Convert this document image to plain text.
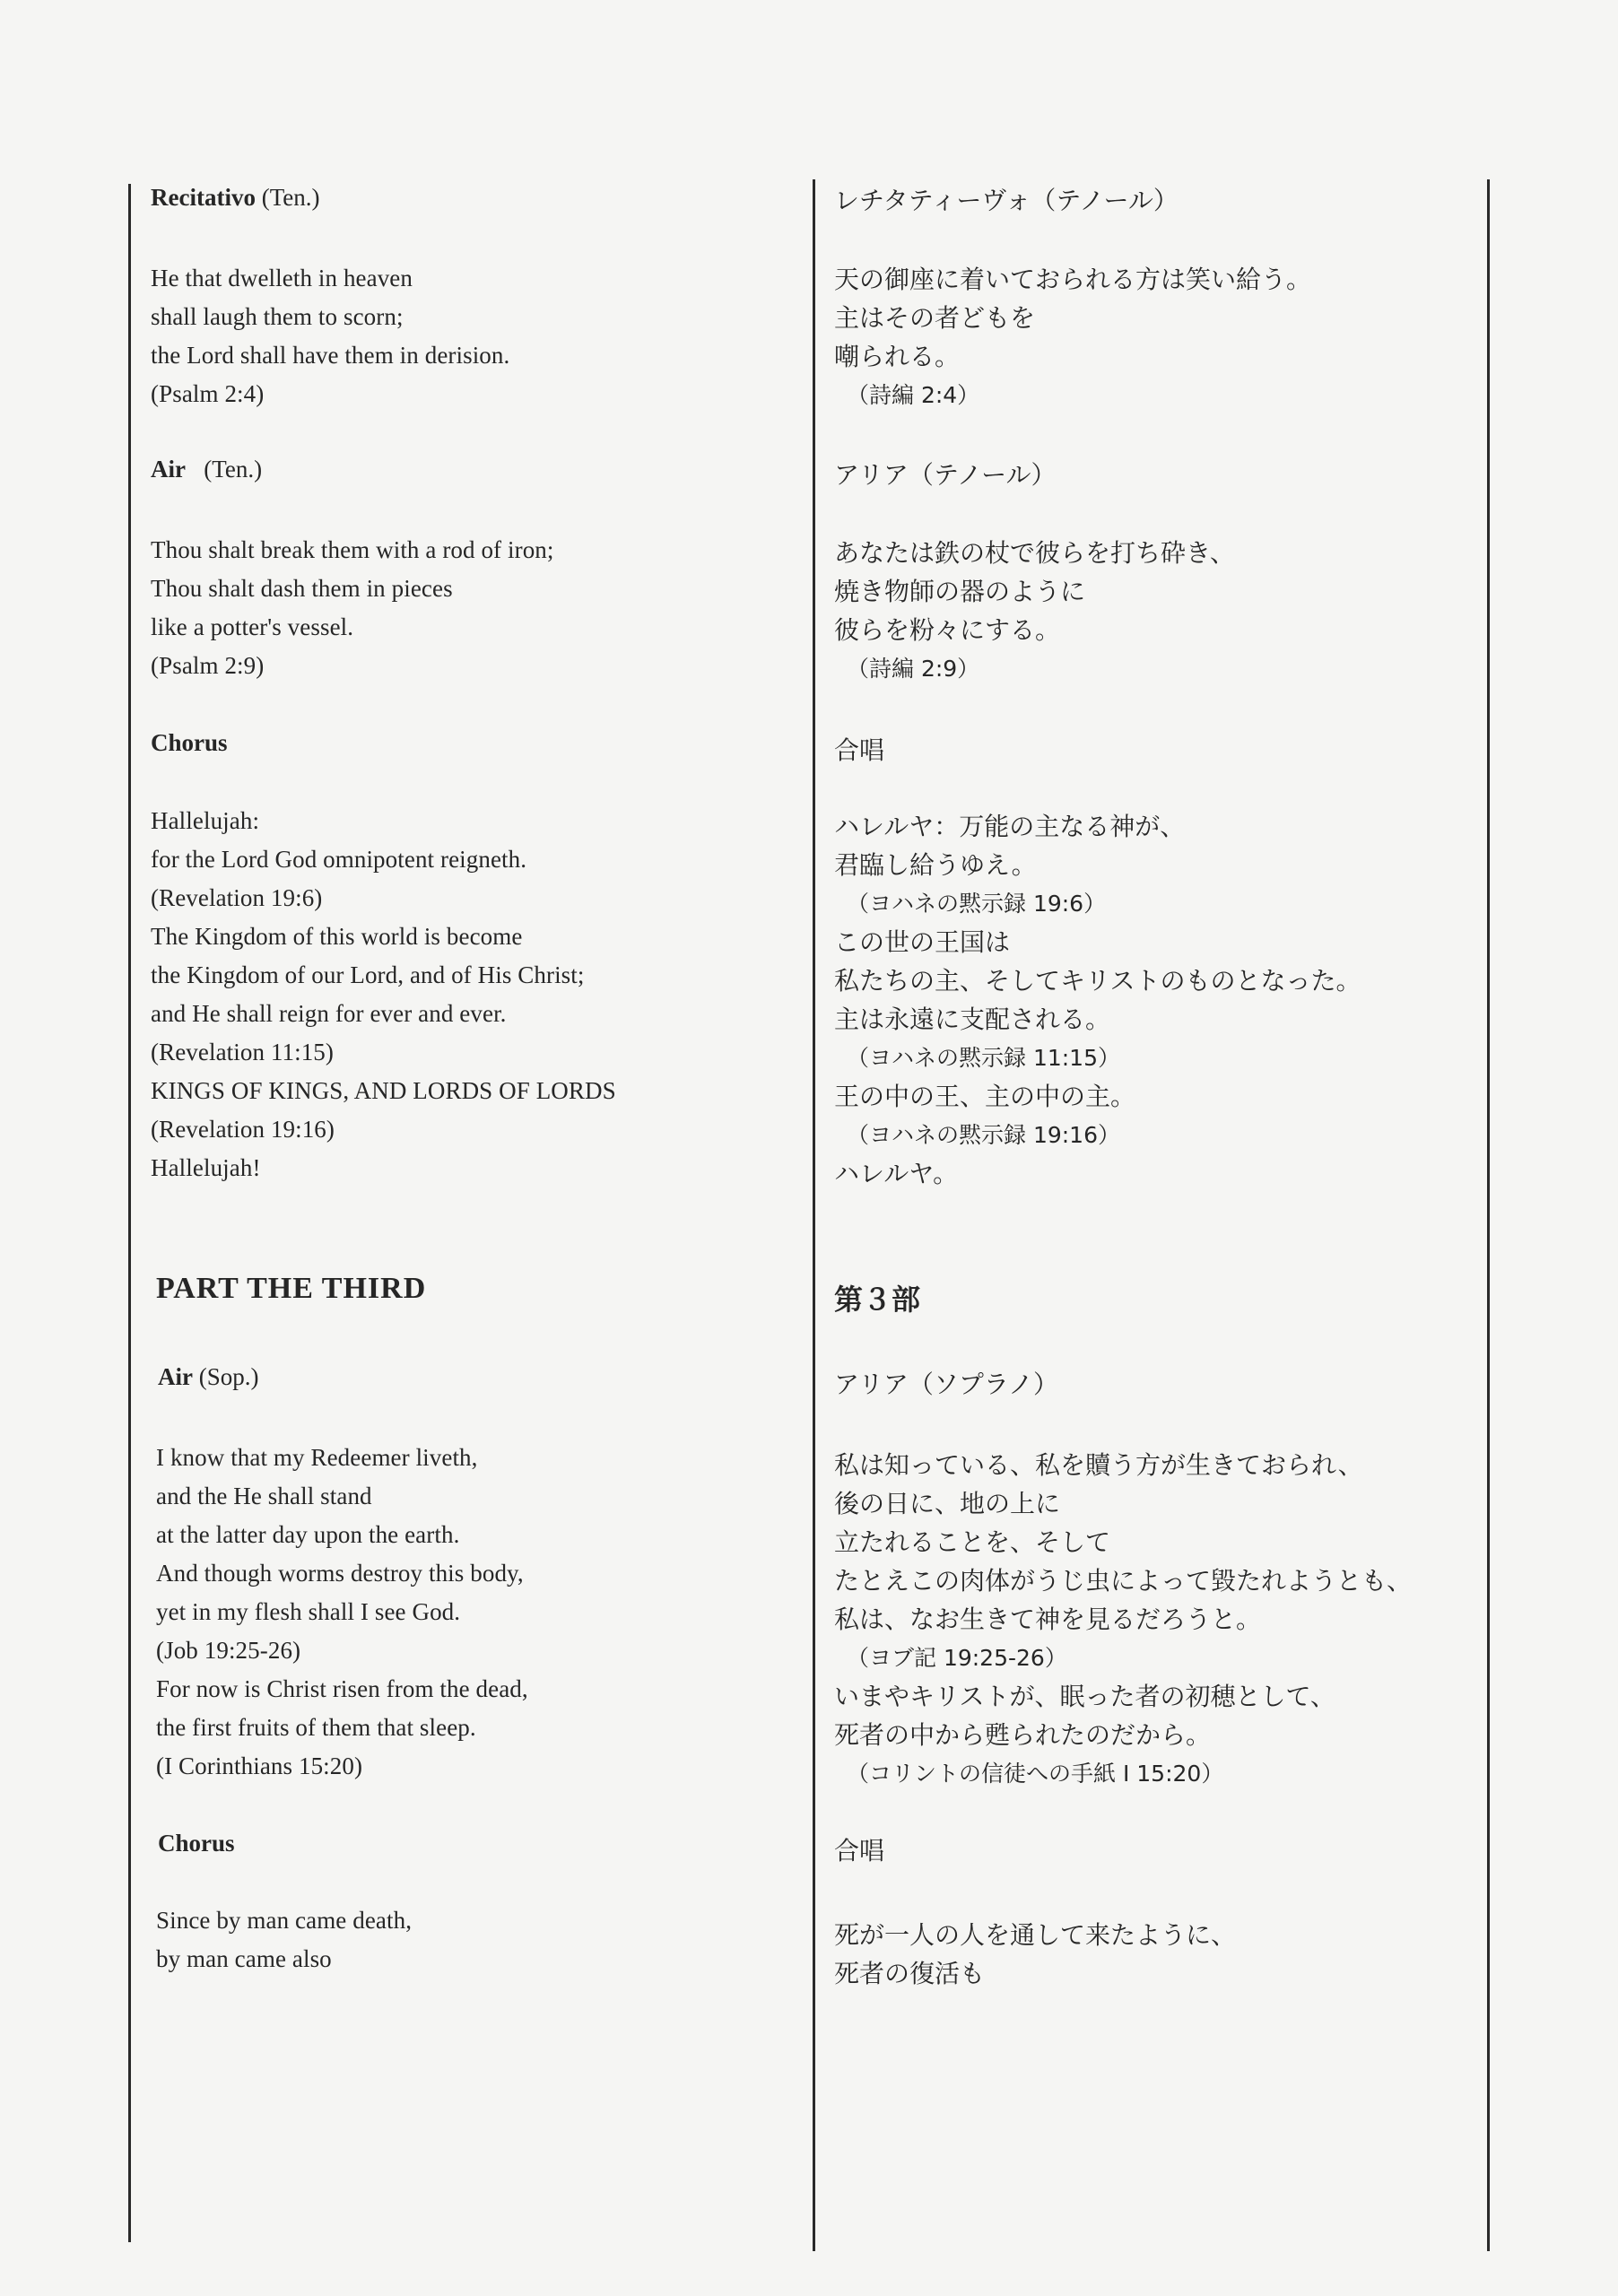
Recitativo (Ten.)
He that dwelleth in heaven
shall laugh them to scorn;
the Lord shall have them in derision.
(Psalm 2:4)
Air (Ten.)
Thou shalt break them with a rod of iron;
Thou shalt dash them in pieces
like a potter's vessel.
(Psalm 2:9)
Chorus
Hallelujah:
for the Lord God omnipotent reigneth.
(Revelation 19:6)
The Kingdom of this world is become
the Kingdom of our Lord, and of His Christ;
and He shall reign for ever and ever.
(Revelation 11:15)
KINGS OF KINGS, AND LORDS OF LORDS
(Revelation 19:16)
Hallelujah!
PART THE THIRD
Air (Sop.)
I know that my Redeemer liveth,
and the He shall stand
at the latter day upon the earth.
And though worms destroy this body,
yet in my flesh shall I see God.
(Job 19:25-26)
For now is Christ risen from the dead,
the first fruits of them that sleep.
(I Corinthians 15:20)
Chorus
Since by man came death,
by man came also
レチタティーヴォ（テノール）
天の御座に着いておられる方は笑い給う。
主はその者どもを
嘲られる。
（詩編 2:4）
アリア（テノール）
あなたは鉄の杖で彼らを打ち砕き、
焼き物師の器のように
彼らを粉々にする。
（詩編 2:9）
合唱
ハレルヤ：万能の主なる神が、
君臨し給うゆえ。
（ヨハネの黙示録 19:6）
この世の王国は
私たちの主、そしてキリストのものとなった。
主は永遠に支配される。
（ヨハネの黙示録 11:15）
王の中の王、主の中の主。
（ヨハネの黙示録 19:16）
ハレルヤ。
第３部
アリア（ソプラノ）
私は知っている、私を贖う方が生きておられ、
後の日に、地の上に
立たれることを、そして
たとえこの肉体がうじ虫によって毀たれようとも、
私は、なお生きて神を見るだろうと。
（ヨブ記 19:25-26）
いまやキリストが、眠った者の初穂として、
死者の中から甦られたのだから。
（コリントの信徒への手紙 I 15:20）
合唱
死が一人の人を通して来たように、
死者の復活も
